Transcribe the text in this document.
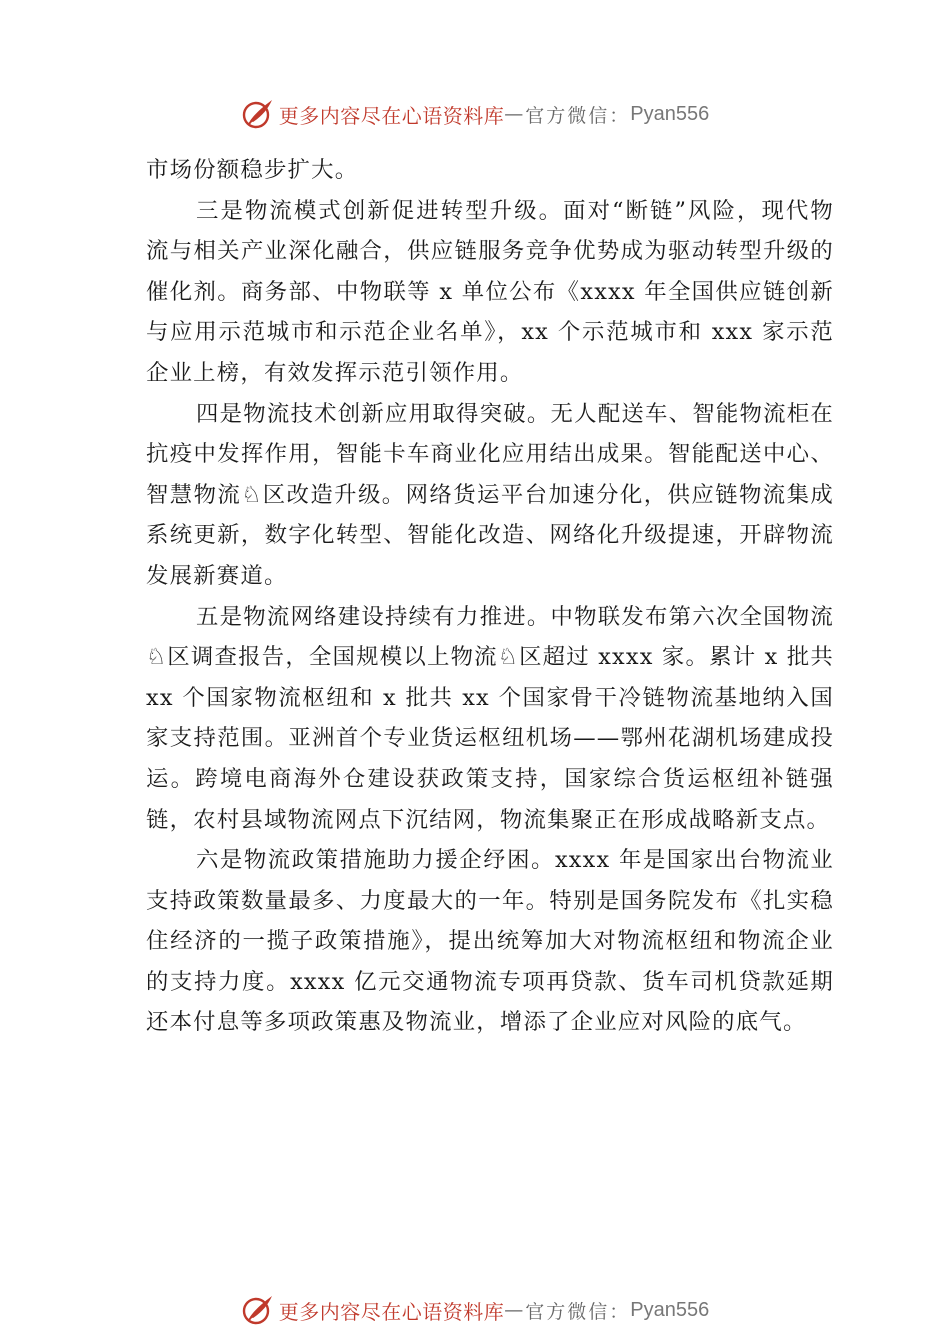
更多内容尽在心语资料库 — 官方微信： Pyan556

市场份额稳步扩大。

三是物流模式创新促进转型升级。面对“断链”风险，现代物流与相关产业深化融合，供应链服务竞争优势成为驱动转型升级的催化剂。商务部、中物联等 x 单位公布《xxxx 年全国供应链创新与应用示范城市和示范企业名单》，xx 个示范城市和 xxx 家示范企业上榜，有效发挥示范引领作用。

四是物流技术创新应用取得突破。无人配送车、智能物流柜在抗疫中发挥作用，智能卡车商业化应用结出成果。智能配送中心、智慧物流♘区改造升级。网络货运平台加速分化，供应链物流集成系统更新，数字化转型、智能化改造、网络化升级提速，开辟物流发展新赛道。

五是物流网络建设持续有力推进。中物联发布第六次全国物流♘区调查报告，全国规模以上物流♘区超过 xxxx 家。累计 x 批共 xx 个国家物流枢纽和 x 批共 xx 个国家骨干冷链物流基地纳入国家支持范围。亚洲首个专业货运枢纽机场——鄂州花湖机场建成投运。跨境电商海外仓建设获政策支持，国家综合货运枢纽补链强链，农村县域物流网点下沉结网，物流集聚正在形成战略新支点。

六是物流政策措施助力援企纾困。xxxx 年是国家出台物流业支持政策数量最多、力度最大的一年。特别是国务院发布《扎实稳住经济的一揽子政策措施》，提出统筹加大对物流枢纽和物流企业的支持力度。xxxx 亿元交通物流专项再贷款、货车司机贷款延期还本付息等多项政策惠及物流业，增添了企业应对风险的底气。

更多内容尽在心语资料库 — 官方微信： Pyan556
